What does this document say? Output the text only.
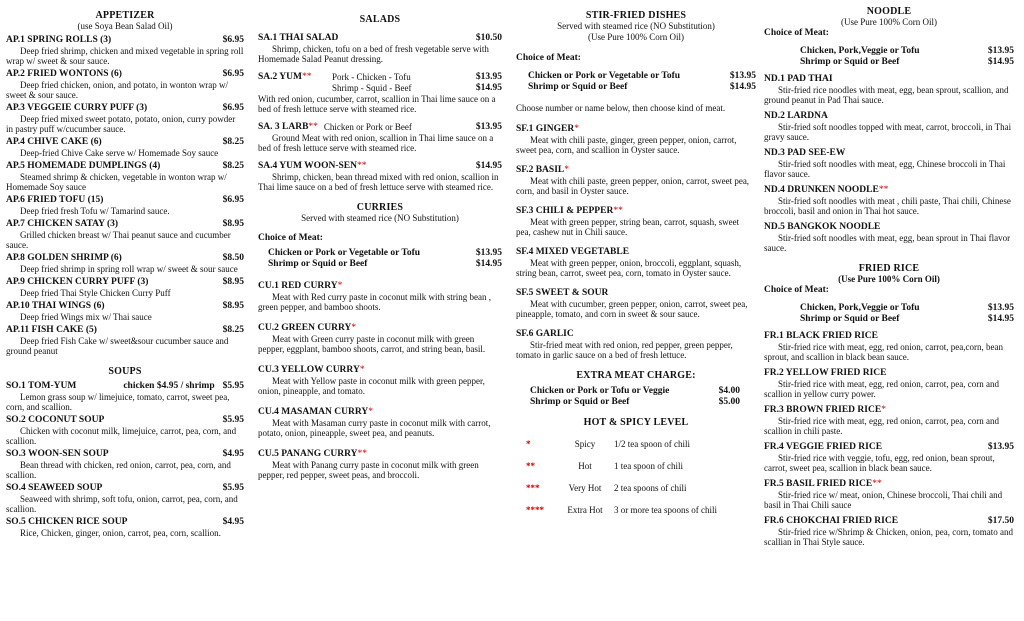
APPETIZER
(use Soya Bean Salad Oil)
AP.1 SPRING ROLLS (3)	$6.95
Deep fried shrimp, chicken and mixed vegetable in spring roll wrap w/ sweet & sour sauce.
AP.2 FRIED WONTONS (6)	$6.95
Deep fried chicken, onion, and potato, in wonton wrap w/ sweet & sour sauce.
AP.3 VEGGEIE CURRY PUFF (3)	$6.95
Deep fried mixed sweet potato, potato, onion, curry powder in pastry puff w/cucumber sauce.
AP.4 CHIVE CAKE (6)	$8.25
Deep-fried Chive Cake serve w/ Homemade Soy sauce
AP.5 HOMEMADE DUMPLINGS (4)	$8.25
Steamed shrimp & chicken, vegetable in wonton wrap w/ Homemade Soy sauce
AP.6 FRIED TOFU (15)	$6.95
Deep fried fresh Tofu w/ Tamarind sauce.
AP.7 CHICKEN SATAY (3)	$8.95
Grilled chicken breast w/ Thai peanut sauce and cucumber sauce.
AP.8 GOLDEN SHRIMP (6)	$8.50
Deep fried shrimp in spring roll wrap w/ sweet & sour sauce
AP.9 CHICKEN CURRY PUFF (3)	$8.95
Deep fried Thai Style Chicken Curry Puff
AP.10 THAI WINGS (6)	$8.95
Deep fried Wings mix w/ Thai sauce
AP.11 FISH CAKE (5)	$8.25
Deep fried Fish Cake w/ sweet&sour cucumber sauce and ground peanut
SOUPS
SO.1 TOM-YUM	chicken $4.95 / shrimp $5.95
Lemon grass soup w/ limejuice, tomato, carrot, sweet pea, corn, and scallion.
SO.2 COCONUT SOUP	$5.95
Chicken with coconut milk, limejuice, carrot, pea, corn, and scallion.
SO.3 WOON-SEN SOUP	$4.95
Bean thread with chicken, red onion, carrot, pea, corn, and scallion.
SO.4 SEAWEED SOUP	$5.95
Seaweed with shrimp, soft tofu, onion, carrot, pea, corn, and scallion.
SO.5 CHICKEN RICE SOUP	$4.95
Rice, Chicken, ginger, onion, carrot, pea, corn, scallion.
SALADS
SA.1 THAI SALAD	$10.50
Shrimp, chicken, tofu on a bed of fresh vegetable serve with Homemade Salad Peanut dressing.
SA.2 YUM**	Pork - Chicken - Tofu	$13.95
Shrimp - Squid - Beef	$14.95
With red onion, cucumber, carrot, scallion in Thai lime sauce on a bed of fresh lettuce serve with steamed rice.
SA. 3 LARB** Chicken or Pork or Beef	$13.95
Ground Meat with red onion, scallion in Thai lime sauce on a bed of fresh lettuce serve with steamed rice.
SA.4 YUM WOON-SEN**	$14.95
Shrimp, chicken, bean thread mixed with red onion, scallion in Thai lime sauce on a bed of fresh lettuce serve with steamed rice.
CURRIES
Served with steamed rice (NO Substitution)
Choice of Meat:
Chicken or Pork or Vegetable or Tofu	$13.95
Shrimp or Squid or Beef	$14.95
CU.1 RED CURRY*
Meat with Red curry paste in coconut milk with string bean , green pepper, and bamboo shoots.
CU.2 GREEN CURRY*
Meat with Green curry paste in coconut milk with green pepper, eggplant, bamboo shoots, carrot, and string bean, basil.
CU.3 YELLOW CURRY*
Meat with Yellow paste in coconut milk with green pepper, onion, pineapple, and tomato.
CU.4 MASAMAN CURRY*
Meat with Masaman curry paste in coconut milk with carrot, potato, onion, pineapple, sweet pea, and peanuts.
CU.5 PANANG CURRY**
Meat with Panang curry paste in coconut milk with green pepper, red pepper, sweet peas, and broccoli.
STIR-FRIED DISHES
Served with steamed rice (NO Substitution)
(Use Pure 100% Corn Oil)
Choice of Meat:
Chicken or Pork or Vegetable or Tofu	$13.95
Shrimp or Squid or Beef	$14.95
Choose number or name below, then choose kind of meat.
SF.1 GINGER*
Meat with chili paste, ginger, green pepper, onion, carrot, sweet pea, corn, and scallion in Oyster sauce.
SF.2 BASIL*
Meat with chili paste, green pepper, onion, carrot, sweet pea, corn, and basil in Oyster sauce.
SF.3 CHILI & PEPPER**
Meat with green pepper, string bean, carrot, squash, sweet pea, cashew nut in Chili sauce.
SF.4 MIXED VEGETABLE
Meat with green pepper, onion, broccoli, eggplant, squash, string bean, carrot, sweet pea, corn, tomato in Oyster sauce.
SF.5 SWEET & SOUR
Meat with cucumber, green pepper, onion, carrot, sweet pea, pineapple, tomato, and corn in sweet & sour sauce.
SF.6 GARLIC
Stir-fried meat with red onion, red pepper, green pepper, tomato in garlic sauce on a bed of fresh lettuce.
EXTRA MEAT CHARGE:
Chicken or Pork or Tofu or Veggie	$4.00
Shrimp or Squid or Beef	$5.00
HOT & SPICY LEVEL
*	Spicy	1/2 tea spoon of chili
**	Hot	1 tea spoon of chili
***	Very Hot	2 tea spoons of chili
****	Extra Hot	3 or more tea spoons of chili
NOODLE
(Use Pure 100% Corn Oil)
Choice of Meat:
Chicken, Pork,Veggie or Tofu	$13.95
Shrimp or Squid or Beef	$14.95
ND.1 PAD THAI
Stir-fried rice noodles with meat, egg, bean sprout, scallion, and ground peanut in Pad Thai sauce.
ND.2 LARDNA
Stir-fried soft noodles topped with meat, carrot, broccoli, in Thai gravy sauce.
ND.3 PAD SEE-EW
Stir-fried soft noodles with meat, egg, Chinese broccoli in Thai flavor sauce.
ND.4 DRUNKEN NOODLE**
Stir-fried soft noodles with meat , chili paste, Thai chili, Chinese broccoli, basil and onion in Thai hot sauce.
ND.5 BANGKOK NOODLE
Stir-fried soft noodles with meat, egg, bean sprout in Thai flavor sauce.
FRIED RICE
(Use Pure 100% Corn Oil)
Choice of Meat:
Chicken, Pork,Veggie or Tofu	$13.95
Shrimp or Squid or Beef	$14.95
FR.1 BLACK FRIED RICE
Stir-fried rice with meat, egg, red onion, carrot, pea,corn, bean sprout, and scallion in black bean sauce.
FR.2 YELLOW FRIED RICE
Stir-fried rice with meat, egg, red onion, carrot, pea, corn and scallion in yellow curry power.
FR.3 BROWN FRIED RICE*
Stir-fried rice with meat, egg, red onion, carrot, pea, corn and scallion in chili paste.
FR.4 VEGGIE FRIED RICE	$13.95
Stir-fried rice with veggie, tofu, egg, red onion, bean sprout, carrot, sweet pea, scallion in black bean sauce.
FR.5 BASIL FRIED RICE**
Stir-fried rice w/ meat, onion, Chinese broccoli, Thai chili and basil in Thai Chili sauce
FR.6 CHOKCHAI FRIED RICE	$17.50
Stir-fried rice w/Shrimp & Chicken, onion, pea, corn, tomato and scallian in Thai Style sauce.
